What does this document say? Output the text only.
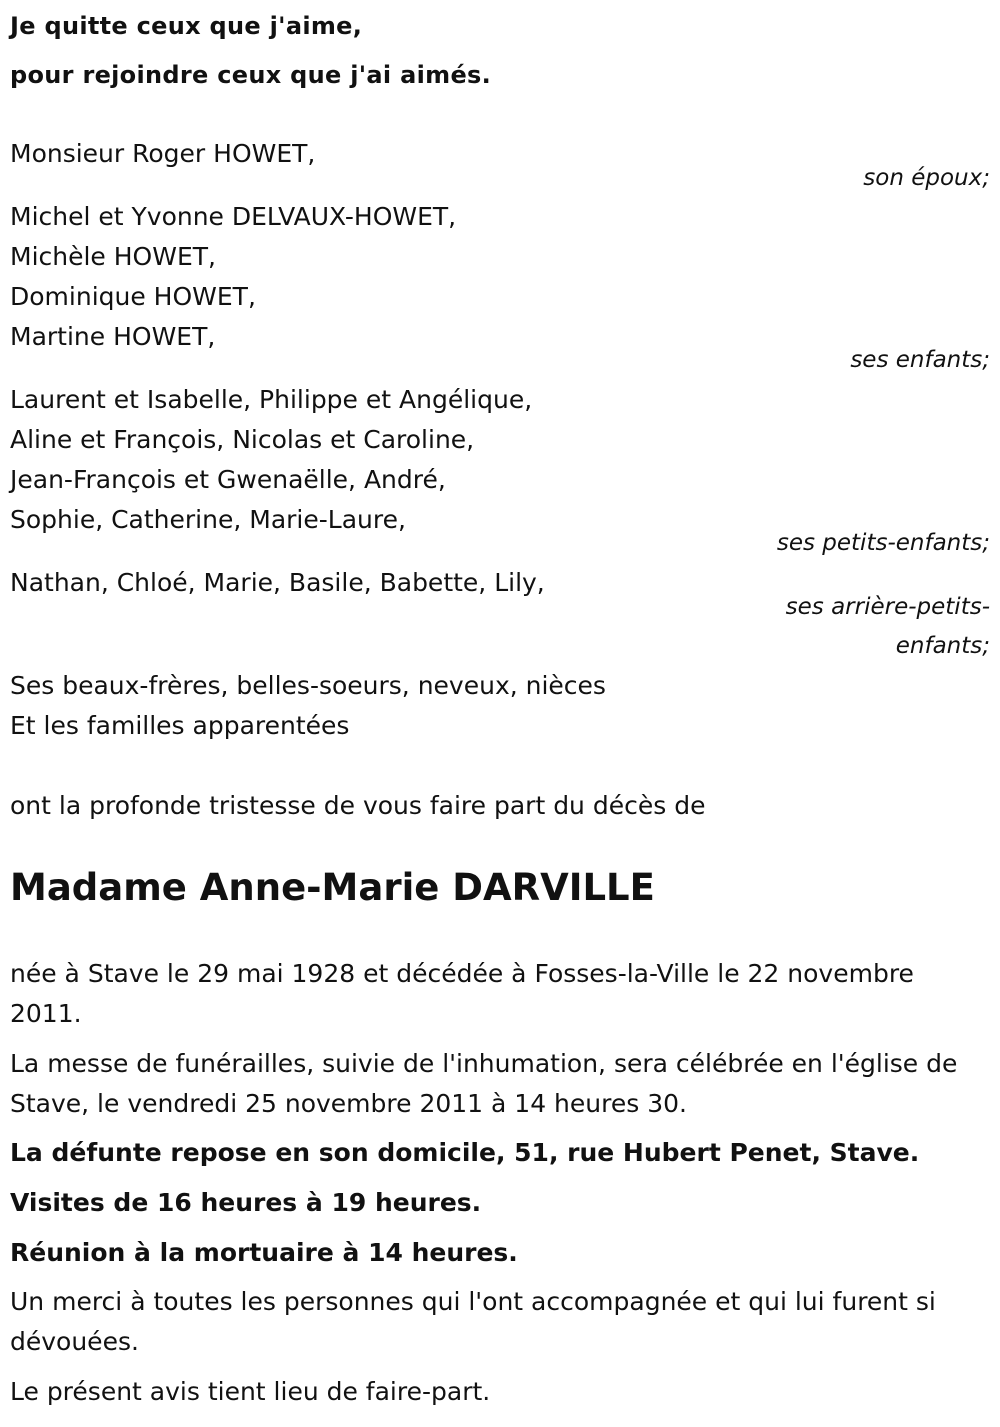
Je quitte ceux que j'aime,
pour rejoindre ceux que j'ai aimés.
Monsieur Roger HOWET,
son époux;
Michel et Yvonne DELVAUX-HOWET,
Michèle HOWET,
Dominique HOWET,
Martine HOWET,
ses enfants;
Laurent et Isabelle, Philippe et Angélique,
Aline et François, Nicolas et Caroline,
Jean-François et Gwenaëlle, André,
Sophie, Catherine, Marie-Laure,
ses petits-enfants;
Nathan, Chloé, Marie, Basile, Babette, Lily,
ses arrière-petits-
enfants;
Ses beaux-frères, belles-soeurs, neveux, nièces
Et les familles apparentées
ont la profonde tristesse de vous faire part du décès de
Madame Anne-Marie DARVILLE
née à Stave le 29 mai 1928 et décédée à Fosses-la-Ville le 22 novembre 2011.
La messe de funérailles, suivie de l'inhumation, sera célébrée en l'église de Stave, le vendredi 25 novembre 2011 à 14 heures 30.
La défunte repose en son domicile, 51, rue Hubert Penet, Stave.
Visites de 16 heures à 19 heures.
Réunion à la mortuaire à 14 heures.
Un merci à toutes les personnes qui l'ont accompagnée et qui lui furent si dévouées.
Le présent avis tient lieu de faire-part.
